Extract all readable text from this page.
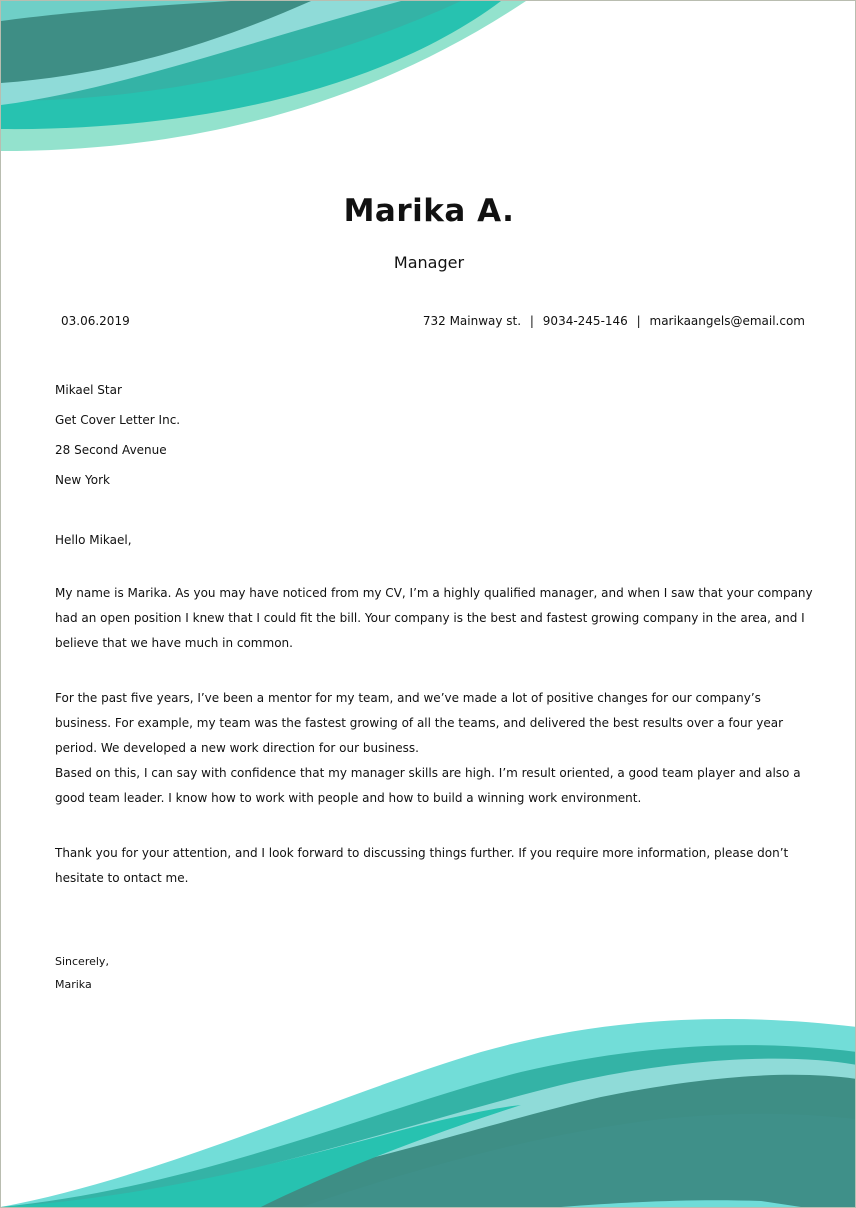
Marika A.
Manager
03.06.2019	732 Mainway st. | 9034-245-146 | marikaangels@email.com
Mikael Star
Get Cover Letter Inc.
28 Second Avenue
New York
Hello Mikael,
My name is Marika. As you may have noticed from my CV, I’m a highly qualified manager, and when I saw that your company had an open position I knew that I could fit the bill. Your company is the best and fastest growing company in the area, and I believe that we have much in common.
For the past five years, I’ve been a mentor for my team, and we’ve made a lot of positive changes for our company’s business. For example, my team was the fastest growing of all the teams, and delivered the best results over a four year period. We developed a new work direction for our business.
Based on this, I can say with confidence that my manager skills are high. I’m result oriented, a good team player and also a good team leader. I know how to work with people and how to build a winning work environment.
Thank you for your attention, and I look forward to discussing things further. If you require more information, please don’t hesitate to ontact me.
Sincerely,
Marika
